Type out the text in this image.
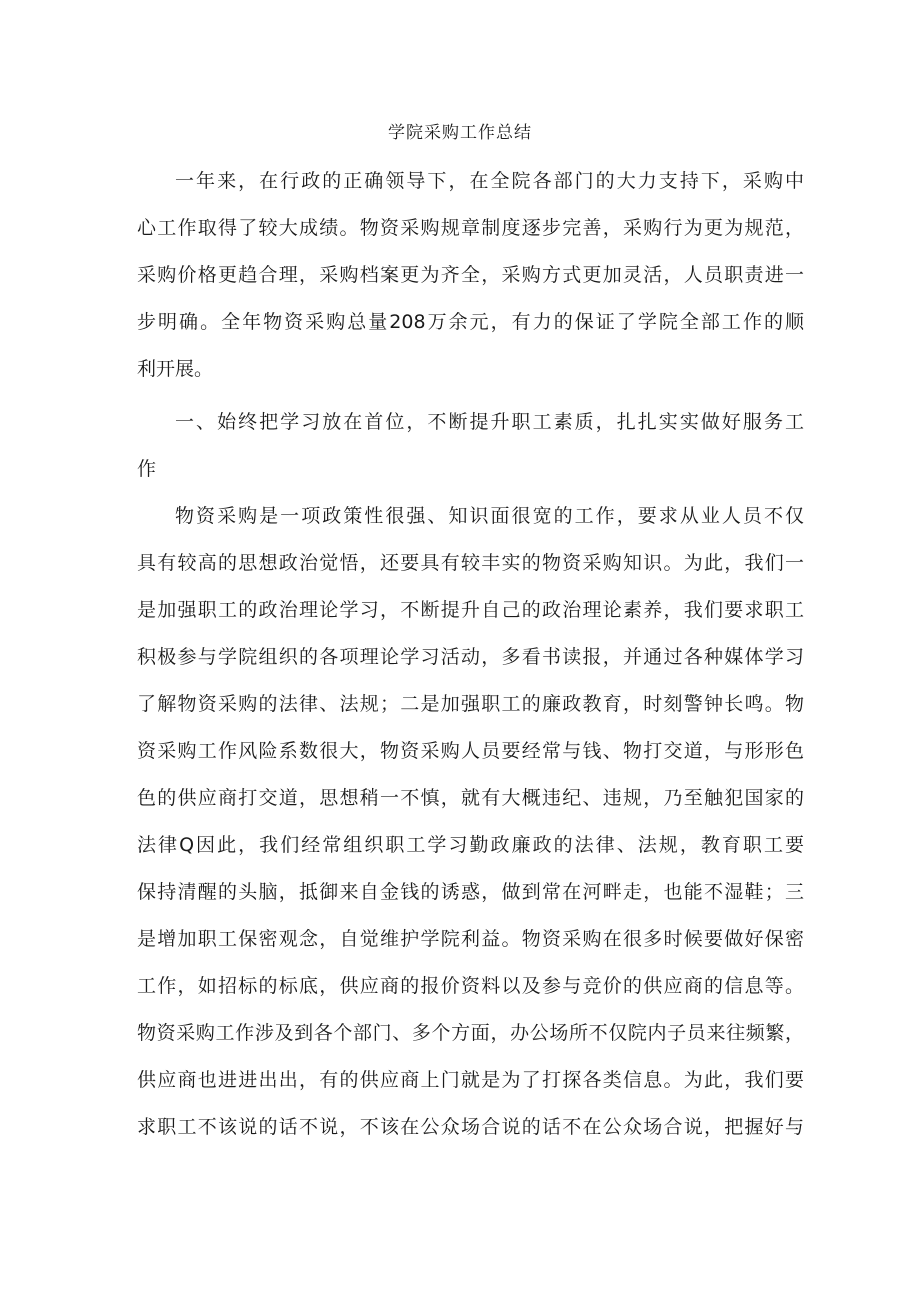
学院采购工作总结
一年来，在行政的正确领导下，在全院各部门的大力支持下，采购中
心工作取得了较大成绩。物资采购规章制度逐步完善，采购行为更为规范，
采购价格更趋合理，采购档案更为齐全，采购方式更加灵活，人员职责进一
步明确。全年物资采购总量208万余元，有力的保证了学院全部工作的顺
利开展。
一、始终把学习放在首位，不断提升职工素质，扎扎实实做好服务工
作
物资采购是一项政策性很强、知识面很宽的工作，要求从业人员不仅
具有较高的思想政治觉悟，还要具有较丰实的物资采购知识。为此，我们一
是加强职工的政治理论学习，不断提升自己的政治理论素养，我们要求职工
积极参与学院组织的各项理论学习活动，多看书读报，并通过各种媒体学习
了解物资采购的法律、法规；二是加强职工的廉政教育，时刻警钟长鸣。物
资采购工作风险系数很大，物资采购人员要经常与钱、物打交道，与形形色
色的供应商打交道，思想稍一不慎，就有大概违纪、违规，乃至触犯国家的
法律Q因此，我们经常组织职工学习勤政廉政的法律、法规，教育职工要
保持清醒的头脑，抵御来自金钱的诱惑，做到常在河畔走，也能不湿鞋；三
是增加职工保密观念，自觉维护学院利益。物资采购在很多时候要做好保密
工作，如招标的标底，供应商的报价资料以及参与竞价的供应商的信息等。
物资采购工作涉及到各个部门、多个方面，办公场所不仅院内子员来往频繁，
供应商也进进出出，有的供应商上门就是为了打探各类信息。为此，我们要
求职工不该说的话不说，不该在公众场合说的话不在公众场合说，把握好与
